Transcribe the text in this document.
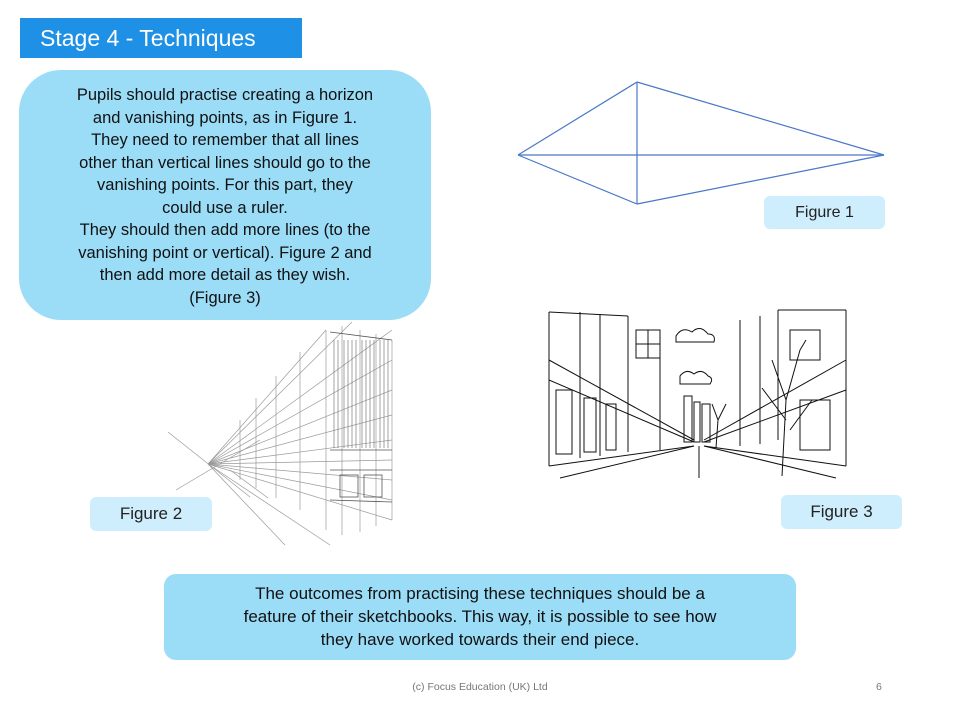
Stage 4 - Techniques
Pupils should practise creating a horizon
and vanishing points, as in Figure 1.
They need to remember that all lines
other than vertical lines should go to the
vanishing points. For this part, they
could use a ruler.
They should then add more lines (to the
vanishing point or vertical). Figure 2 and
then add more detail as they wish.
(Figure 3)
Figure 1
Figure 2	Figure 3
The outcomes from practising these techniques should be a
feature of their sketchbooks. This way, it is possible to see how
they have worked towards their end piece.
(c) Focus Education (UK) Ltd	6
